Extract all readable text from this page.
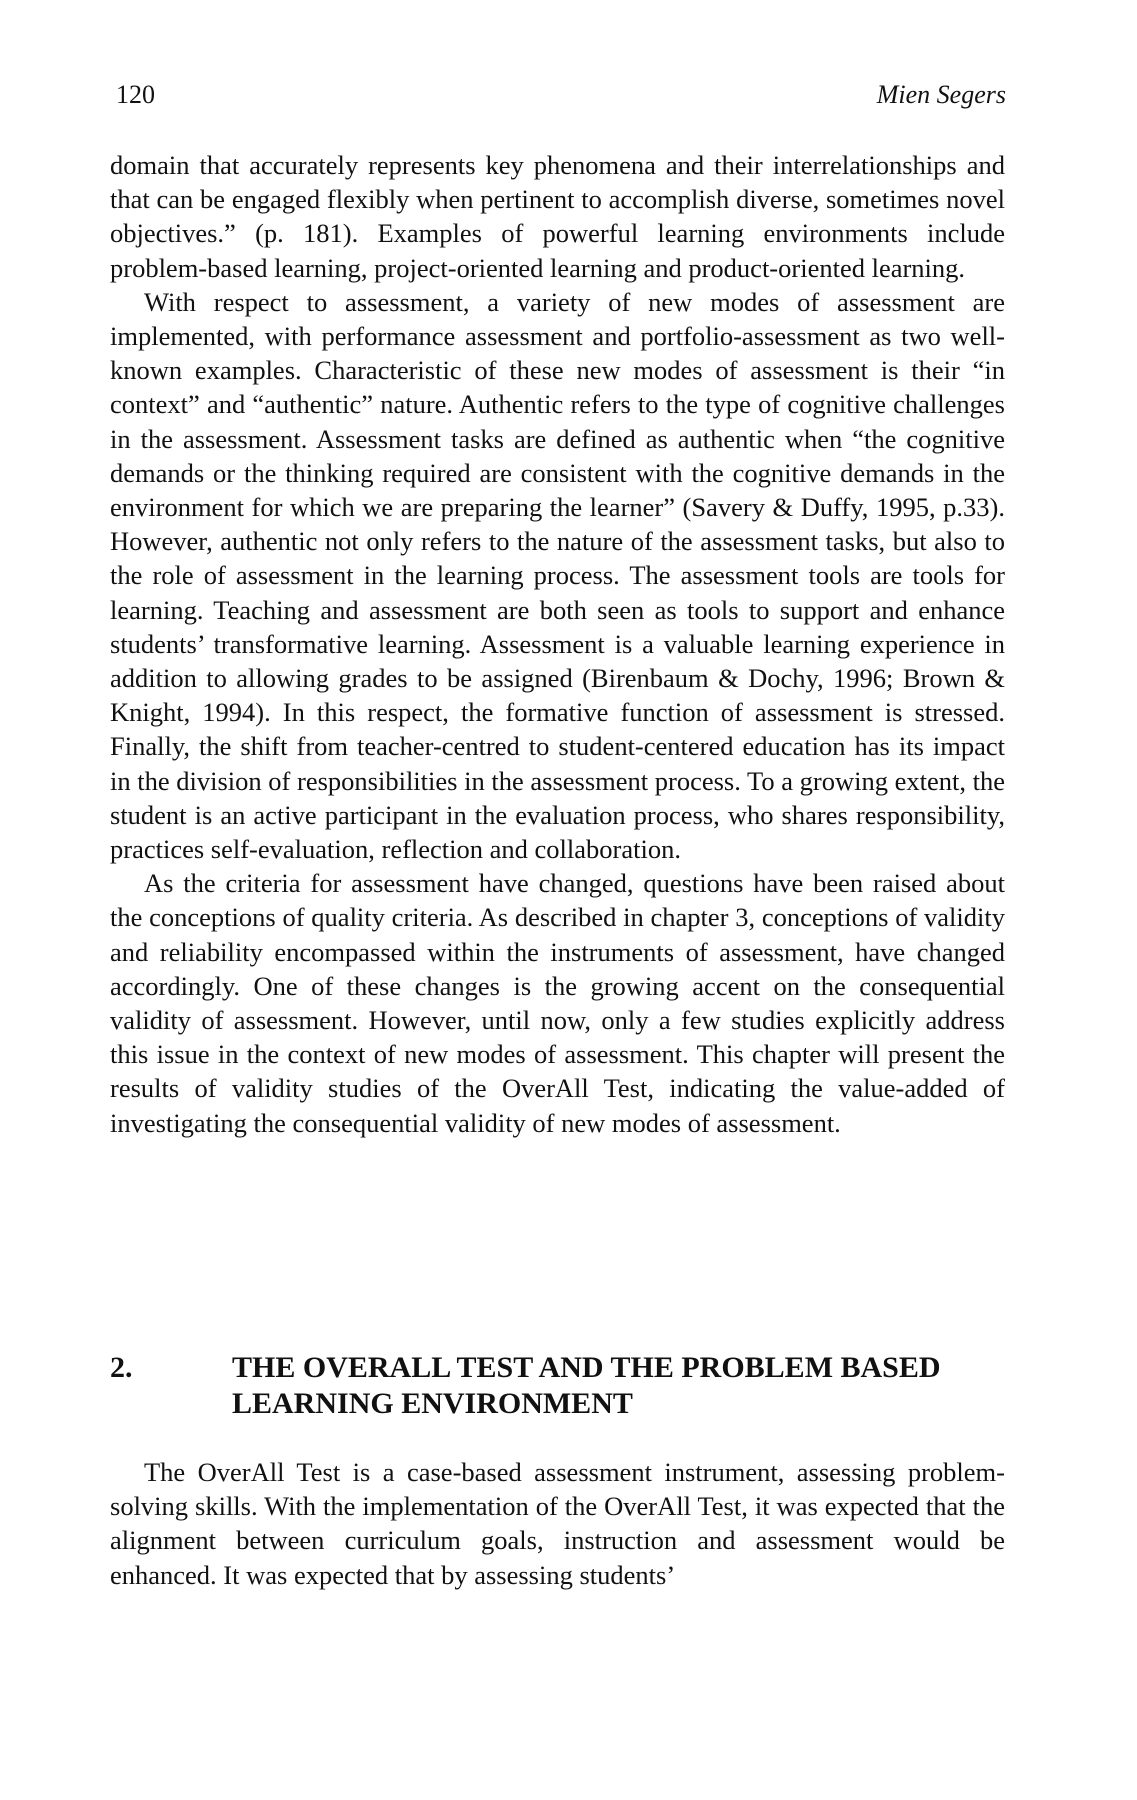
120	Mien Segers

domain that accurately represents key phenomena and their interrelationships and that can be engaged flexibly when pertinent to accomplish diverse, sometimes novel objectives.” (p. 181). Examples of powerful learning environments include problem-based learning, project-oriented learning and product-oriented learning.

With respect to assessment, a variety of new modes of assessment are implemented, with performance assessment and portfolio-assessment as two well-known examples. Characteristic of these new modes of assessment is their “in context” and “authentic” nature. Authentic refers to the type of cognitive challenges in the assessment. Assessment tasks are defined as authentic when “the cognitive demands or the thinking required are consistent with the cognitive demands in the environment for which we are preparing the learner” (Savery & Duffy, 1995, p.33). However, authentic not only refers to the nature of the assessment tasks, but also to the role of assessment in the learning process. The assessment tools are tools for learning. Teaching and assessment are both seen as tools to support and enhance students’ transformative learning. Assessment is a valuable learning experience in addition to allowing grades to be assigned (Birenbaum & Dochy, 1996; Brown & Knight, 1994). In this respect, the formative function of assessment is stressed. Finally, the shift from teacher-centred to student-centered education has its impact in the division of responsibilities in the assessment process. To a growing extent, the student is an active participant in the evaluation process, who shares responsibility, practices self-evaluation, reflection and collaboration.

As the criteria for assessment have changed, questions have been raised about the conceptions of quality criteria. As described in chapter 3, conceptions of validity and reliability encompassed within the instruments of assessment, have changed accordingly. One of these changes is the growing accent on the consequential validity of assessment. However, until now, only a few studies explicitly address this issue in the context of new modes of assessment. This chapter will present the results of validity studies of the OverAll Test, indicating the value-added of investigating the consequential validity of new modes of assessment.

2.	THE OVERALL TEST AND THE PROBLEM BASED LEARNING ENVIRONMENT

The OverAll Test is a case-based assessment instrument, assessing problem-solving skills. With the implementation of the OverAll Test, it was expected that the alignment between curriculum goals, instruction and assessment would be enhanced. It was expected that by assessing students’
